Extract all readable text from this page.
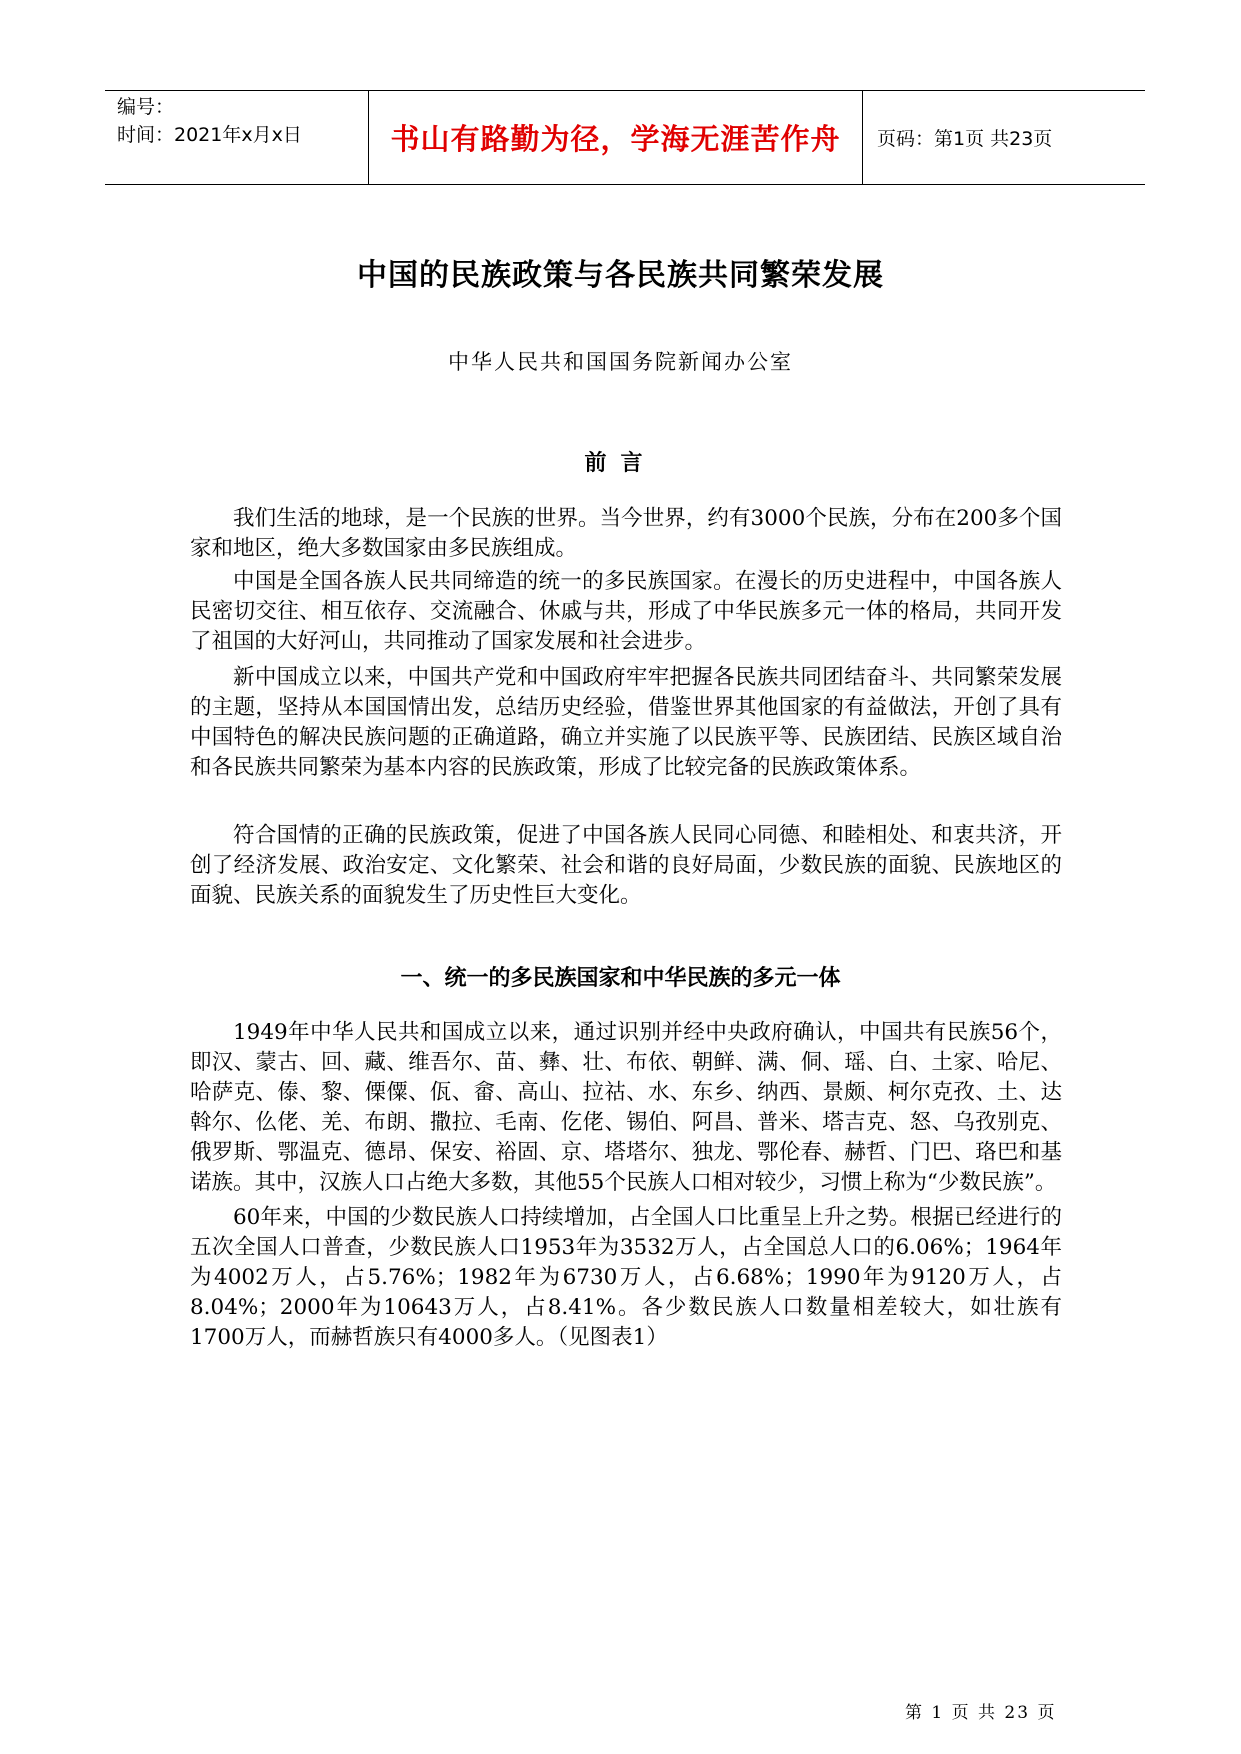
编号：
时间：2021年x月x日	书山有路勤为径，学海无涯苦作舟	页码：第1页 共23页
中国的民族政策与各民族共同繁荣发展
中华人民共和国国务院新闻办公室
前言

我们生活的地球，是一个民族的世界。当今世界，约有3000个民族，分布在200多个国家和地区，绝大多数国家由多民族组成。

中国是全国各族人民共同缔造的统一的多民族国家。在漫长的历史进程中，中国各族人民密切交往、相互依存、交流融合、休戚与共，形成了中华民族多元一体的格局，共同开发了祖国的大好河山，共同推动了国家发展和社会进步。

新中国成立以来，中国共产党和中国政府牢牢把握各民族共同团结奋斗、共同繁荣发展的主题，坚持从本国国情出发，总结历史经验，借鉴世界其他国家的有益做法，开创了具有中国特色的解决民族问题的正确道路，确立并实施了以民族平等、民族团结、民族区域自治和各民族共同繁荣为基本内容的民族政策，形成了比较完备的民族政策体系。

符合国情的正确的民族政策，促进了中国各族人民同心同德、和睦相处、和衷共济，开创了经济发展、政治安定、文化繁荣、社会和谐的良好局面，少数民族的面貌、民族地区的面貌、民族关系的面貌发生了历史性巨大变化。

一、统一的多民族国家和中华民族的多元一体

1949年中华人民共和国成立以来，通过识别并经中央政府确认，中国共有民族56个，即汉、蒙古、回、藏、维吾尔、苗、彝、壮、布依、朝鲜、满、侗、瑶、白、土家、哈尼、哈萨克、傣、黎、傈僳、佤、畲、高山、拉祜、水、东乡、纳西、景颇、柯尔克孜、土、达斡尔、仫佬、羌、布朗、撒拉、毛南、仡佬、锡伯、阿昌、普米、塔吉克、怒、乌孜别克、俄罗斯、鄂温克、德昂、保安、裕固、京、塔塔尔、独龙、鄂伦春、赫哲、门巴、珞巴和基诺族。其中，汉族人口占绝大多数，其他55个民族人口相对较少，习惯上称为“少数民族”。

60年来，中国的少数民族人口持续增加，占全国人口比重呈上升之势。根据已经进行的五次全国人口普查，少数民族人口1953年为3532万人，占全国总人口的6.06%；1964年为4002万人，占5.76%；1982年为6730万人，占6.68%；1990年为9120万人，占8.04%；2000年为10643万人，占8.41%。各少数民族人口数量相差较大，如壮族有1700万人，而赫哲族只有4000多人。（见图表1）

第 1 页 共 23 页
